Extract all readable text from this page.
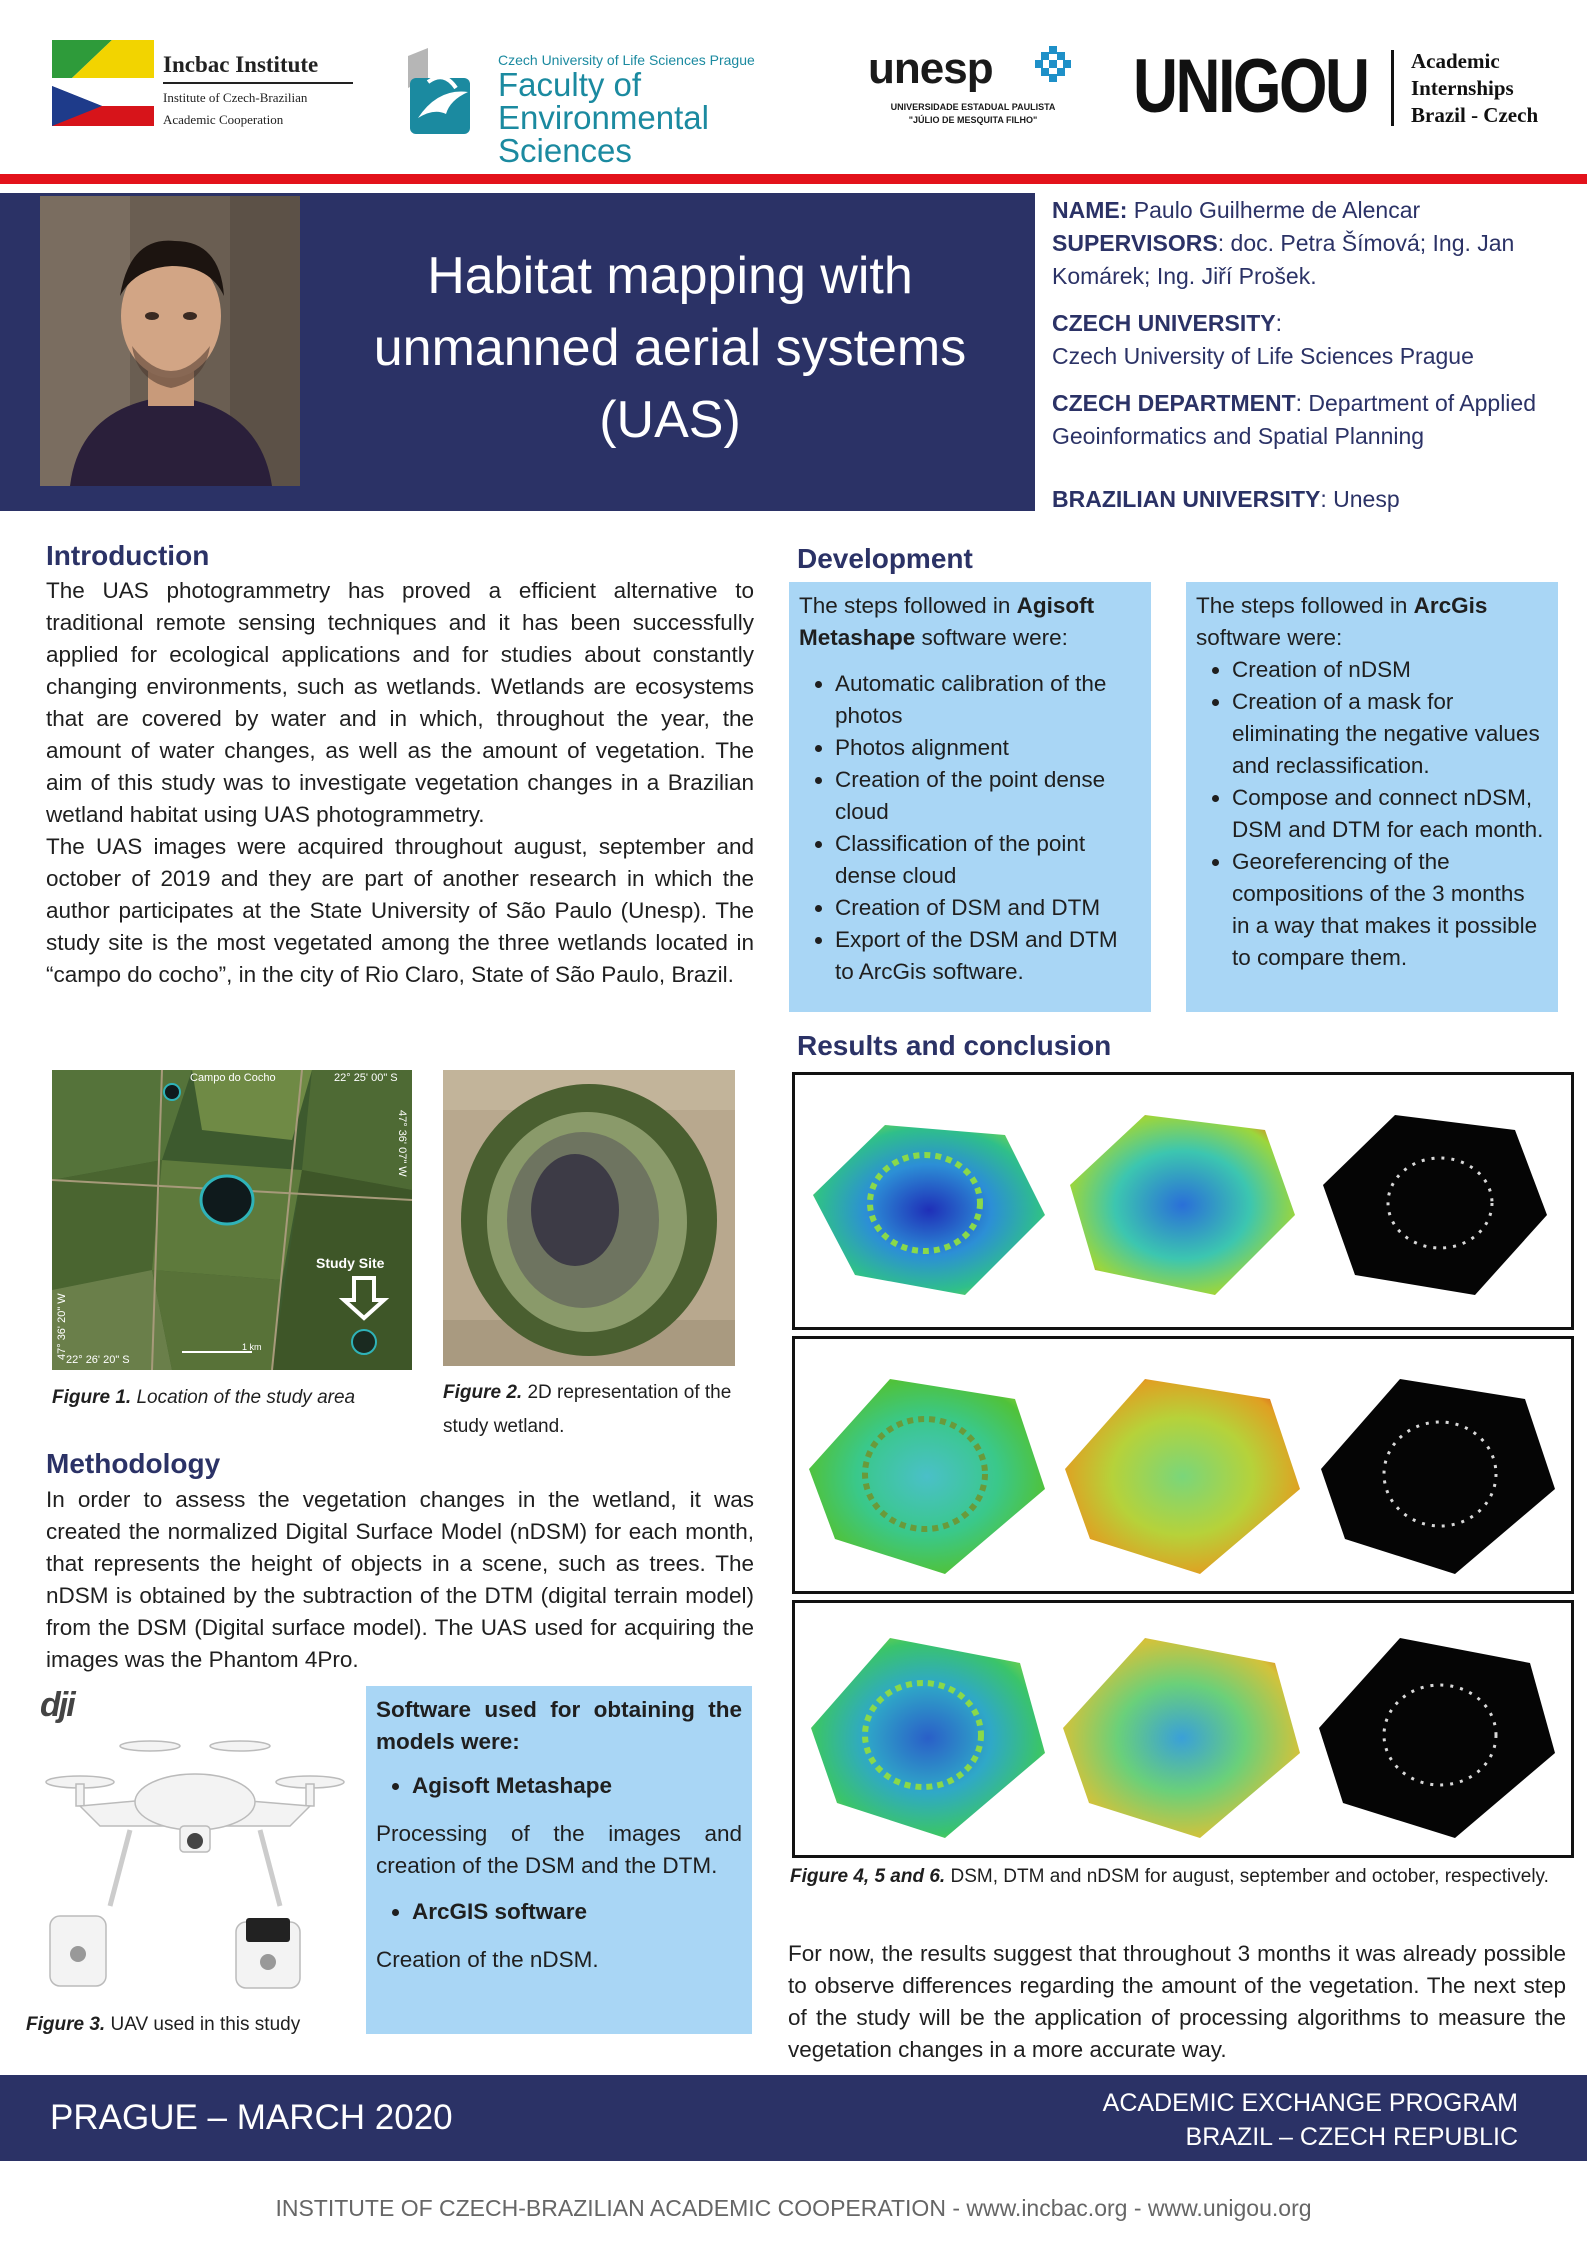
Incbac Institute
Institute of Czech-Brazilian
Academic Cooperation
Czech University of Life Sciences Prague
Faculty of Environmental
Sciences
unesp
UNIVERSIDADE ESTADUAL PAULISTA
"JÚLIO DE MESQUITA FILHO"	UNIGOU Academic
Internships
Brazil - Czech
Habitat mapping with unmanned aerial systems (UAS)

NAME: Paulo Guilherme de Alencar
SUPERVISORS: doc. Petra Šímová; Ing. Jan Komárek; Ing. Jiří Prošek.

CZECH UNIVERSITY:
Czech University of Life Sciences Prague

CZECH DEPARTMENT: Department of Applied Geoinformatics and Spatial Planning

BRAZILIAN UNIVERSITY: Unesp

Introduction

The UAS photogrammetry has proved a efficient alternative to traditional remote sensing techniques and it has been successfully applied for ecological applications and for studies about constantly changing environments, such as wetlands. Wetlands are ecosystems that are covered by water and in which, throughout the year, the amount of water changes, as well as the amount of vegetation. The aim of this study was to investigate vegetation changes in a Brazilian wetland habitat using UAS photogrammetry.

The UAS images were acquired throughout august, september and october of 2019 and they are part of another research in which the author participates at the State University of São Paulo (Unesp). The study site is the most vegetated among the three wetlands located in “campo do cocho”, in the city of Rio Claro, State of São Paulo, Brazil.

Campo do Cocho	22° 25' 00" S
47° 36' 07" W
47° 36' 20" W
22° 26' 20" S
Study Site
1 km
Figure 1. Location of the study area	Figure 2. 2D representation of the study wetland.
Methodology
In order to assess the vegetation changes in the wetland, it was created the normalized Digital Surface Model (nDSM) for each month, that represents the height of objects in a scene, such as trees. The nDSM is obtained by the subtraction of the DTM (digital terrain model) from the DSM (Digital surface model). The UAS used for acquiring the images was the Phantom 4Pro.
dji
Figure 3. UAV used in this study
Software used for obtaining the models were:
• Agisoft Metashape
Processing of the images and creation of the DSM and the DTM.
• ArcGIS software
Creation of the nDSM.
Development
The steps followed in Agisoft Metashape software were:
• Automatic calibration of the photos
• Photos alignment
• Creation of the point dense cloud
• Classification of the point dense cloud
• Creation of DSM and DTM
• Export of the DSM and DTM to ArcGis software.
The steps followed in ArcGis software were:
• Creation of nDSM
• Creation of a mask for eliminating the negative values and reclassification.
• Compose and connect nDSM, DSM and DTM for each month.
• Georeferencing of the compositions of the 3 months in a way that makes it possible to compare them.
Results and conclusion
Figure 4, 5 and 6. DSM, DTM and nDSM for august, september and october, respectively.
For now, the results suggest that throughout 3 months it was already possible to observe differences regarding the amount of the vegetation. The next step of the study will be the application of processing algorithms to measure the vegetation changes in a more accurate way.
PRAGUE – MARCH 2020	ACADEMIC EXCHANGE PROGRAM
BRAZIL – CZECH REPUBLIC
INSTITUTE OF CZECH-BRAZILIAN ACADEMIC COOPERATION - www.incbac.org - www.unigou.org
